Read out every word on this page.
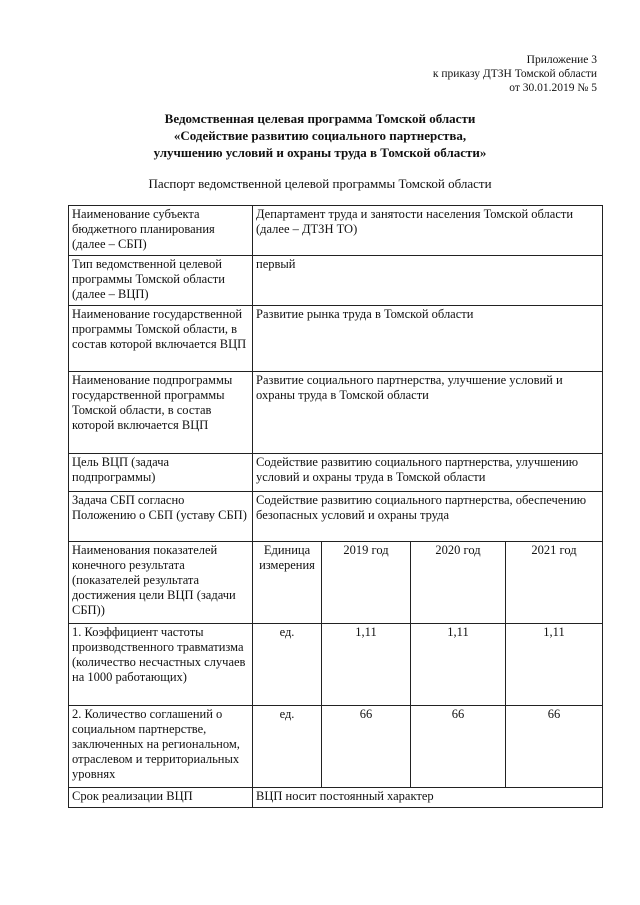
Приложение 3
к приказу ДТЗН Томской области
от 30.01.2019 № 5
Ведомственная целевая программа Томской области
«Содействие развитию социального партнерства,
улучшению условий и охраны труда в Томской области»
Паспорт ведомственной целевой программы Томской области
Наименование субъекта бюджетного планирования (далее – СБП)	Департамент труда и занятости населения Томской области (далее – ДТЗН ТО)			
Тип ведомственной целевой программы Томской области (далее – ВЦП)	первый			
Наименование государственной программы Томской области, в состав которой включается ВЦП	Развитие рынка труда в Томской области			
Наименование подпрограммы государственной программы Томской области, в состав которой включается ВЦП	Развитие социального партнерства, улучшение условий и охраны труда в Томской области			
Цель ВЦП (задача подпрограммы)	Содействие развитию социального партнерства, улучшению условий и охраны труда в Томской области			
Задача СБП согласно Положению о СБП (уставу СБП)	Содействие развитию социального партнерства, обеспечению безопасных условий и охраны труда			
Наименования показателей конечного результата (показателей результата достижения цели ВЦП (задачи СБП))	Единица измерения	2019 год	2020 год	2021 год
1. Коэффициент частоты производственного травматизма (количество несчастных случаев на 1000 работающих)	ед.	1,11	1,11	1,11
2. Количество соглашений о социальном партнерстве, заключенных на региональном, отраслевом и территориальных уровнях	ед.	66	66	66
Срок реализации ВЦП	ВЦП носит постоянный характер			
